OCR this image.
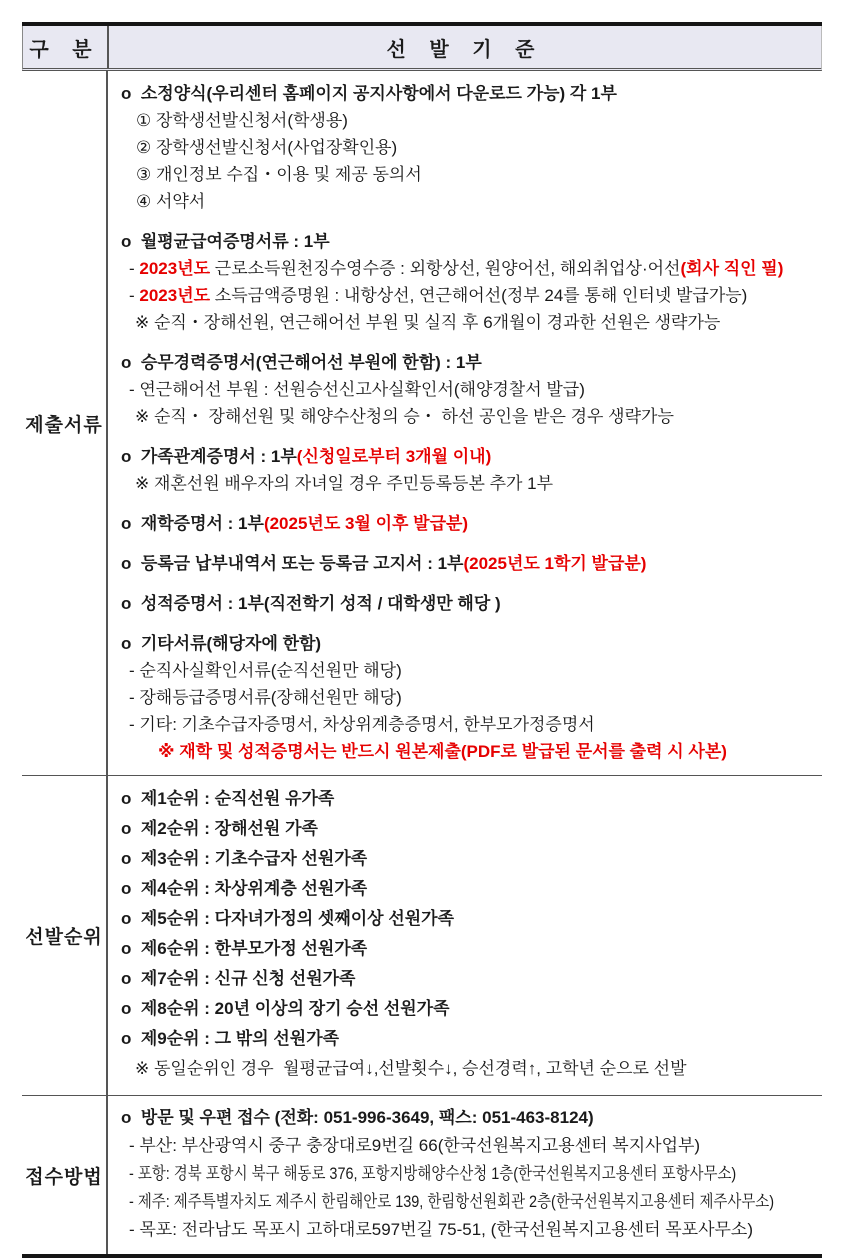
구 분	선 발 기 준
제출서류
o  소정양식(우리센터 홈페이지 공지사항에서 다운로드 가능) 각 1부
① 장학생선발신청서(학생용)
② 장학생선발신청서(사업장확인용)
③ 개인정보 수집・이용 및 제공 동의서
④ 서약서
o  월평균급여증명서류 : 1부
- 2023년도 근로소득원천징수영수증 : 외항상선, 원양어선, 해외취업상·어선(회사 직인 필)
- 2023년도 소득금액증명원 : 내항상선, 연근해어선(정부 24를 통해 인터넷 발급가능)
※ 순직・장해선원, 연근해어선 부원 및 실직 후 6개월이 경과한 선원은 생략가능
o  승무경력증명서(연근해어선 부원에 한함) : 1부
- 연근해어선 부원 : 선원승선신고사실확인서(해양경찰서 발급)
※ 순직・ 장해선원 및 해양수산청의 승・ 하선 공인을 받은 경우 생략가능
o  가족관계증명서 : 1부(신청일로부터 3개월 이내)
※ 재혼선원 배우자의 자녀일 경우 주민등록등본 추가 1부
o  재학증명서 : 1부(2025년도 3월 이후 발급분)
o  등록금 납부내역서 또는 등록금 고지서 : 1부(2025년도 1학기 발급분)
o  성적증명서 : 1부(직전학기 성적 / 대학생만 해당 )
o  기타서류(해당자에 한함)
- 순직사실확인서류(순직선원만 해당)
- 장해등급증명서류(장해선원만 해당)
- 기타: 기초수급자증명서, 차상위계층증명서, 한부모가정증명서
※ 재학 및 성적증명서는 반드시 원본제출(PDF로 발급된 문서를 출력 시 사본)
선발순위
o  제1순위 : 순직선원 유가족
o  제2순위 : 장해선원 가족
o  제3순위 : 기초수급자 선원가족
o  제4순위 : 차상위계층 선원가족
o  제5순위 : 다자녀가정의 셋째이상 선원가족
o  제6순위 : 한부모가정 선원가족
o  제7순위 : 신규 신청 선원가족
o  제8순위 : 20년 이상의 장기 승선 선원가족
o  제9순위 : 그 밖의 선원가족
※ 동일순위인 경우  월평균급여↓,선발횟수↓, 승선경력↑, 고학년 순으로 선발
접수방법
o  방문 및 우편 접수 (전화: 051-996-3649, 팩스: 051-463-8124)
- 부산: 부산광역시 중구 충장대로9번길 66(한국선원복지고용센터 복지사업부)
- 포항: 경북 포항시 북구 해동로 376, 포항지방해양수산청 1층(한국선원복지고용센터 포항사무소)
- 제주: 제주특별자치도 제주시 한림해안로 139, 한림항선원회관 2층(한국선원복지고용센터 제주사무소)
- 목포: 전라남도 목포시 고하대로597번길 75-51, (한국선원복지고용센터 목포사무소)
